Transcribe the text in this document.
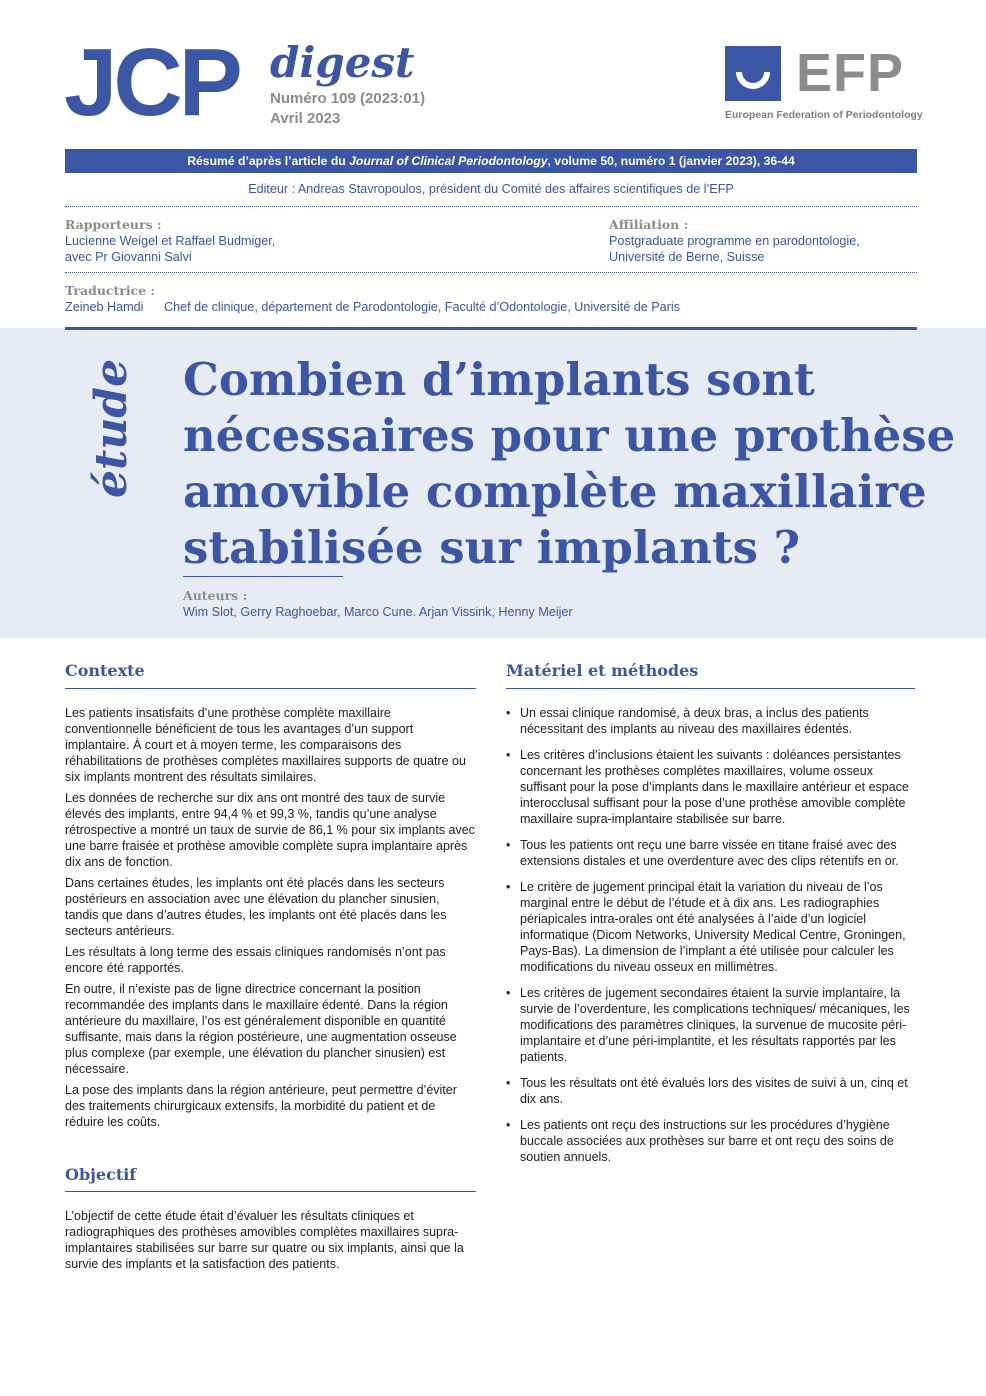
JCP digest
Numéro 109 (2023:01)
Avril 2023
EFP
European Federation of Periodontology
Résumé d’après l’article du Journal of Clinical Periodontology, volume 50, numéro 1 (janvier 2023), 36-44
Editeur : Andreas Stavropoulos, président du Comité des affaires scientifiques de l’EFP
Rapporteurs :
Lucienne Weigel et Raffael Budmiger,
avec Pr Giovanni Salvi
Affiliation :
Postgraduate programme en parodontologie,
Université de Berne, Suisse
Traductrice :
Zeineb Hamdi	Chef de clinique, département de Parodontologie, Faculté d’Odontologie, Université de Paris
étude Combien d’implants sont
nécessaires pour une prothèse
amovible complète maxillaire
stabilisée sur implants ?
Auteurs :
Wim Slot, Gerry Raghoebar, Marco Cune. Arjan Vissink, Henny Meijer
Contexte

Les patients insatisfaits d’une prothèse complète maxillaire conventionnelle bénéficient de tous les avantages d’un support implantaire. À court et à moyen terme, les comparaisons des réhabilitations de prothèses complètes maxillaires supports de quatre ou six implants montrent des résultats similaires.

Les données de recherche sur dix ans ont montré des taux de survie élevés des implants, entre 94,4 % et 99,3 %, tandis qu’une analyse rétrospective a montré un taux de survie de 86,1 % pour six implants avec une barre fraisée et prothèse amovible complète supra implantaire après dix ans de fonction.

Dans certaines études, les implants ont été placés dans les secteurs postérieurs en association avec une élévation du plancher sinusien, tandis que dans d’autres études, les implants ont été placés dans les secteurs antérieurs.

Les résultats à long terme des essais cliniques randomisés n’ont pas encore été rapportés.

En outre, il n’existe pas de ligne directrice concernant la position recommandée des implants dans le maxillaire édenté. Dans la région antérieure du maxillaire, l’os est généralement disponible en quantité suffisante, mais dans la région postérieure, une augmentation osseuse plus complexe (par exemple, une élévation du plancher sinusien) est nécessaire.

La pose des implants dans la région antérieure, peut permettre d’éviter des traitements chirurgicaux extensifs, la morbidité du patient et de réduire les coûts.

Objectif

L’objectif de cette étude était d’évaluer les résultats cliniques et radiographiques des prothèses amovibles complètes maxillaires supra-implantaires stabilisées sur barre sur quatre ou six implants, ainsi que la survie des implants et la satisfaction des patients.

Matériel et méthodes
• Un essai clinique randomisé, à deux bras, a inclus des patients nécessitant des implants au niveau des maxillaires édentés.
• Les critères d’inclusions étaient les suivants : doléances persistantes concernant les prothèses complètes maxillaires, volume osseux suffisant pour la pose d’implants dans le maxillaire antérieur et espace interocclusal suffisant pour la pose d’une prothèse amovible complète maxillaire supra-implantaire stabilisée sur barre.
• Tous les patients ont reçu une barre vissée en titane fraisé avec des extensions distales et une overdenture avec des clips rétentifs en or.
• Le critère de jugement principal était la variation du niveau de l’os marginal entre le début de l’étude et à dix ans. Les radiographies périapicales intra-orales ont été analysées à l’aide d’un logiciel informatique (Dicom Networks, University Medical Centre, Groningen, Pays-Bas). La dimension de l’implant a été utilisée pour calculer les modifications du niveau osseux en millimètres.
• Les critères de jugement secondaires étaient la survie implantaire, la survie de l’overdenture, les complications techniques/ mécaniques, les modifications des paramètres cliniques, la survenue de mucosite péri-implantaire et d’une péri-implantite, et les résultats rapportés par les patients.
• Tous les résultats ont été évalués lors des visites de suivi à un, cinq et dix ans.
• Les patients ont reçu des instructions sur les procédures d’hygiène buccale associées aux prothèses sur barre et ont reçu des soins de soutien annuels.
